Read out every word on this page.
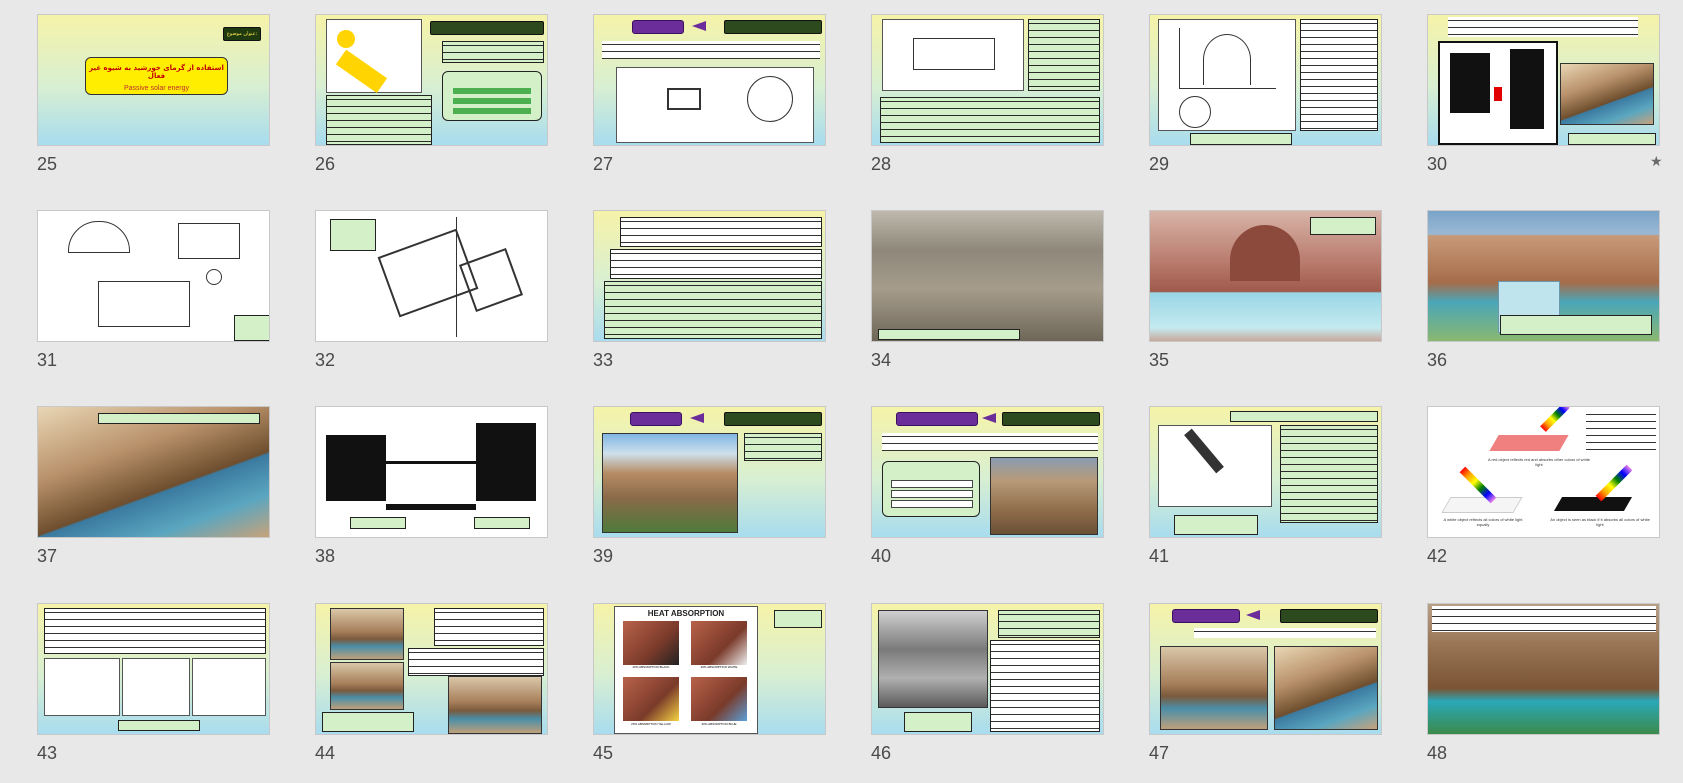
عنوان موضوع:
استفاده از گرمای خورشید به شیوه غیر فعال
Passive solar energy
25	26	27	28	29	30	★
31	32	33	34	35	36
37	38	39	40	41
A red object reflects red and absorbs other colors of white light
A white object reflects all colors of white light equally
An object is seen as black if it absorbs all colors of white light
42
43	44
HEAT ABSORPTION
40% ABSORPTION BLACK	20% ABSORPTION WHITE
25% ABSORPTION YELLOW	30% ABSORPTION BLUE
45	46	47	48
